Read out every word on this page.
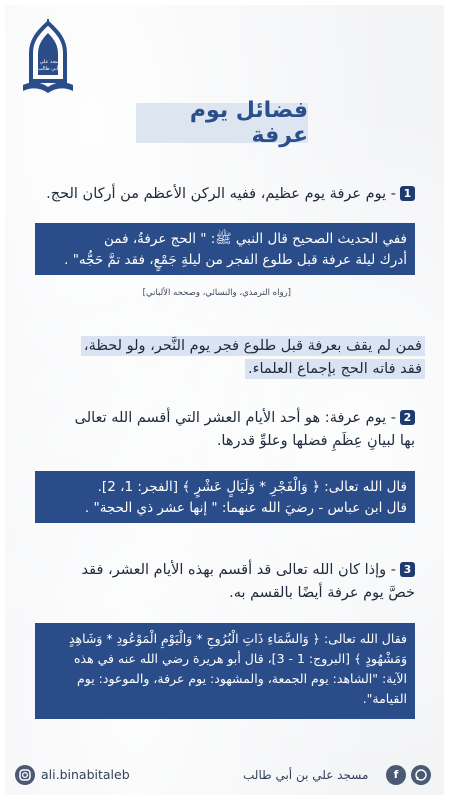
مسجد علي بن أبي طالب
فضائل يوم عرفة
1- يوم عرفة يوم عظيم، ففيه الركن الأعظم من أركان الحج.
ففي الحديث الصحيح قال النبي ﷺ: " الحج عرفةُ، فمن
أدرك ليلة عرفة قبل طلوع الفجر من ليلةِ جَمْعٍ، فقد تمَّ حَجُّه" .
[رواه الترمذي، والنسائي، وصححه الألباني]
فمن لم يقف بعرفة قبل طلوع فجر يوم النَّحر، ولو لحظة،
فقد فاته الحج بإجماع العلماء.
2- يوم عرفة: هو أحد الأيام العشر التي أقسم الله تعالى
بها لبيانِ عِظَمِ فضلها وعلوِّ قدرها.
قال الله تعالى: ﴿ وَالْفَجْرِ * وَلَيَالٍ عَشْرٍ ﴾ [الفجر: 1، 2].
قال ابن عباس - رضيَ الله عنهما: " إنها عشر ذي الحجة" .
3- وإذا كان الله تعالى قد أقسم بهذه الأيام العشر، فقد
خصَّ يوم عرفة أيضًا بالقسم به.
فقال الله تعالى: ﴿ وَالسَّمَاءِ ذَاتِ الْبُرُوجِ * وَالْيَوْمِ الْمَوْعُودِ * وَشَاهِدٍ
وَمَشْهُودٍ ﴾ [البروج: 1 - 3]، قال أبو هريرة رضي الله عنه في هذه
الآية: "الشاهد: يوم الجمعة، والمشهود: يوم عرفة، والموعود: يوم
القيامة".
ali.binabitaleb	مسجد علي بن أبي طالب	f
